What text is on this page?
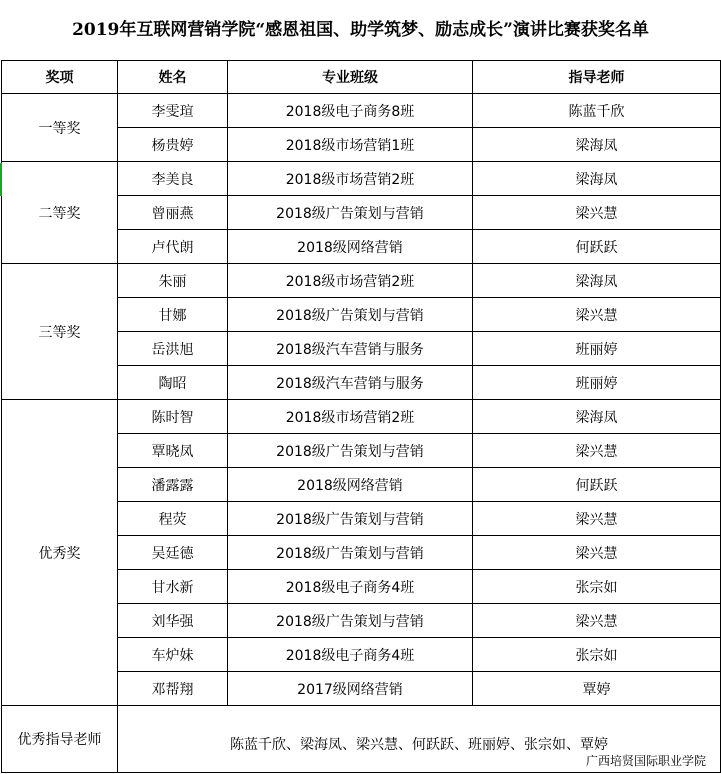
2019年互联网营销学院“感恩祖国、助学筑梦、励志成长”演讲比赛获奖名单
奖项	姓名	专业班级	指导老师
一等奖	李雯瑄	2018级电子商务8班	陈蓝千欣
	杨贵婷	2018级市场营销1班	梁海凤
二等奖	李美良	2018级市场营销2班	梁海凤
	曾丽燕	2018级广告策划与营销	梁兴慧
	卢代朗	2018级网络营销	何跃跃
三等奖	朱丽	2018级市场营销2班	梁海凤
	甘娜	2018级广告策划与营销	梁兴慧
	岳洪旭	2018级汽车营销与服务	班丽婷
	陶昭	2018级汽车营销与服务	班丽婷
优秀奖	陈时智	2018级市场营销2班	梁海凤
	覃晓凤	2018级广告策划与营销	梁兴慧
	潘露露	2018级网络营销	何跃跃
	程荧	2018级广告策划与营销	梁兴慧
	吴廷德	2018级广告策划与营销	梁兴慧
	甘水新	2018级电子商务4班	张宗如
	刘华强	2018级广告策划与营销	梁兴慧
	车炉妹	2018级电子商务4班	张宗如
	邓帮翔	2017级网络营销	覃婷
优秀指导老师	陈蓝千欣、梁海凤、梁兴慧、何跃跃、班丽婷、张宗如、覃婷
广西培贤国际职业学院		
